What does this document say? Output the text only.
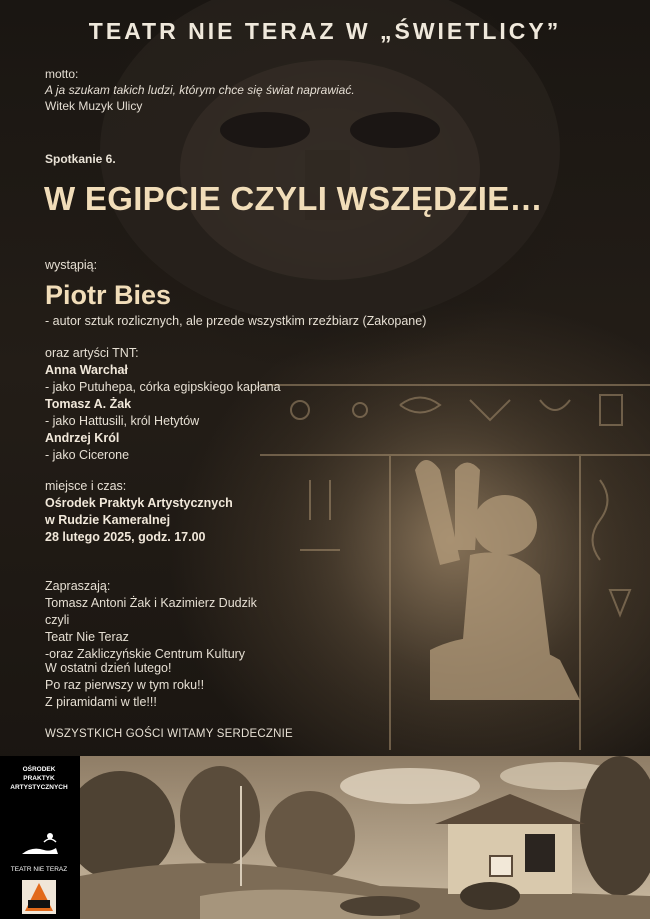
TEATR NIE TERAZ W „ŚWIETLICY”
motto:
A ja szukam takich ludzi, którym chce się świat naprawiać.
Witek Muzyk Ulicy
Spotkanie 6.
W EGIPCIE CZYLI WSZĘDZIE…
wystąpią:
Piotr Bies
- autor sztuk rozlicznych, ale przede wszystkim rzeźbiarz (Zakopane)
oraz artyści TNT:
Anna Warchał
- jako Putuhepa, córka egipskiego kapłana
Tomasz A. Żak
- jako Hattusili, król Hetytów
Andrzej Król
- jako Cicerone
miejsce i czas:
Ośrodek Praktyk Artystycznych
w Rudzie Kameralnej
28 lutego 2025, godz. 17.00
Zapraszają:
Tomasz Antoni Żak i Kazimierz Dudzik
czyli
Teatr Nie Teraz
-oraz Zakliczyńskie Centrum Kultury
W ostatni dzień lutego!
Po raz pierwszy w tym roku!!
Z piramidami w tle!!!
WSZYSTKICH GOŚCI WITAMY SERDECZNIE
OŚRODEK
PRAKTYK
ARTYSTYCZNYCH
TEATR NIE TERAZ
